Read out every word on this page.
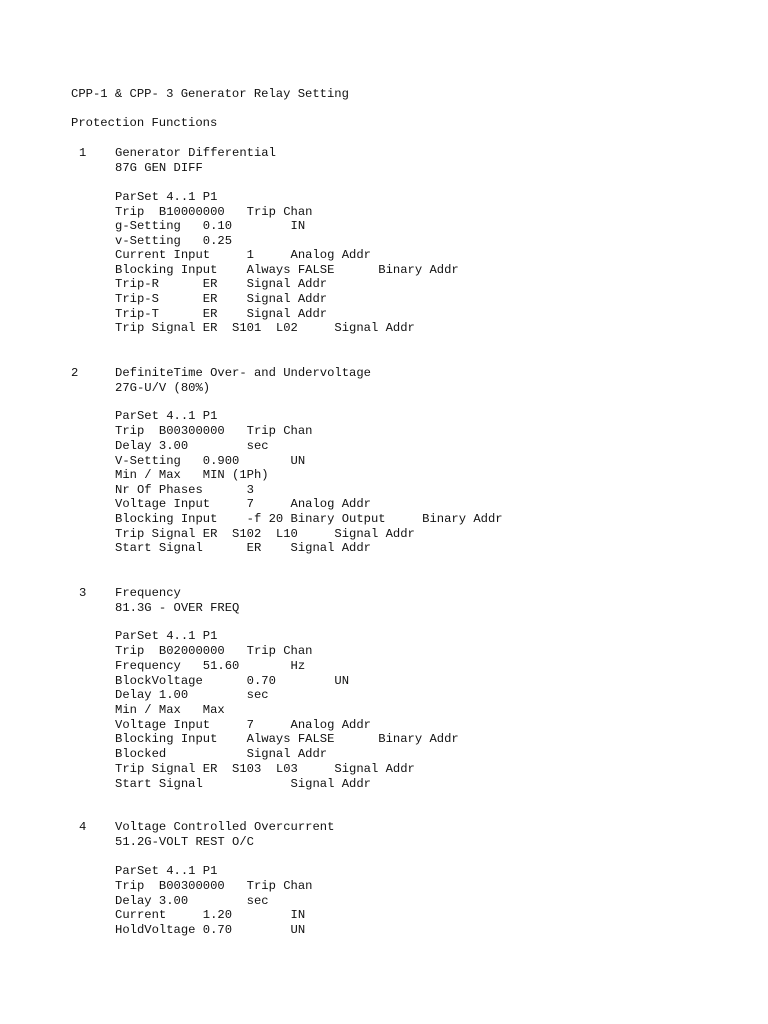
CPP-1 & CPP- 3 Generator Relay Setting
Protection Functions
1 Generator Differential
87G GEN DIFF
ParSet 4..1 P1
Trip  B10000000   Trip Chan
g-Setting   0.10        IN
v-Setting   0.25
Current Input     1     Analog Addr
Blocking Input    Always FALSE      Binary Addr
Trip-R      ER    Signal Addr
Trip-S      ER    Signal Addr
Trip-T      ER    Signal Addr
Trip Signal ER  S101  L02     Signal Addr
2	DefiniteTime Over- and Undervoltage
27G-U/V (80%)
ParSet 4..1 P1
Trip  B00300000   Trip Chan
Delay 3.00        sec
V-Setting   0.900       UN
Min / Max   MIN (1Ph)
Nr Of Phases      3
Voltage Input     7     Analog Addr
Blocking Input    -f 20 Binary Output     Binary Addr
Trip Signal ER  S102  L10     Signal Addr
Start Signal      ER    Signal Addr
3 Frequency
81.3G - OVER FREQ
ParSet 4..1 P1
Trip  B02000000   Trip Chan
Frequency   51.60       Hz
BlockVoltage      0.70        UN
Delay 1.00        sec
Min / Max   Max
Voltage Input     7     Analog Addr
Blocking Input    Always FALSE      Binary Addr
Blocked           Signal Addr
Trip Signal ER  S103  L03     Signal Addr
Start Signal            Signal Addr
4 Voltage Controlled Overcurrent
51.2G-VOLT REST O/C
ParSet 4..1 P1
Trip  B00300000   Trip Chan
Delay 3.00        sec
Current     1.20        IN
HoldVoltage 0.70        UN
